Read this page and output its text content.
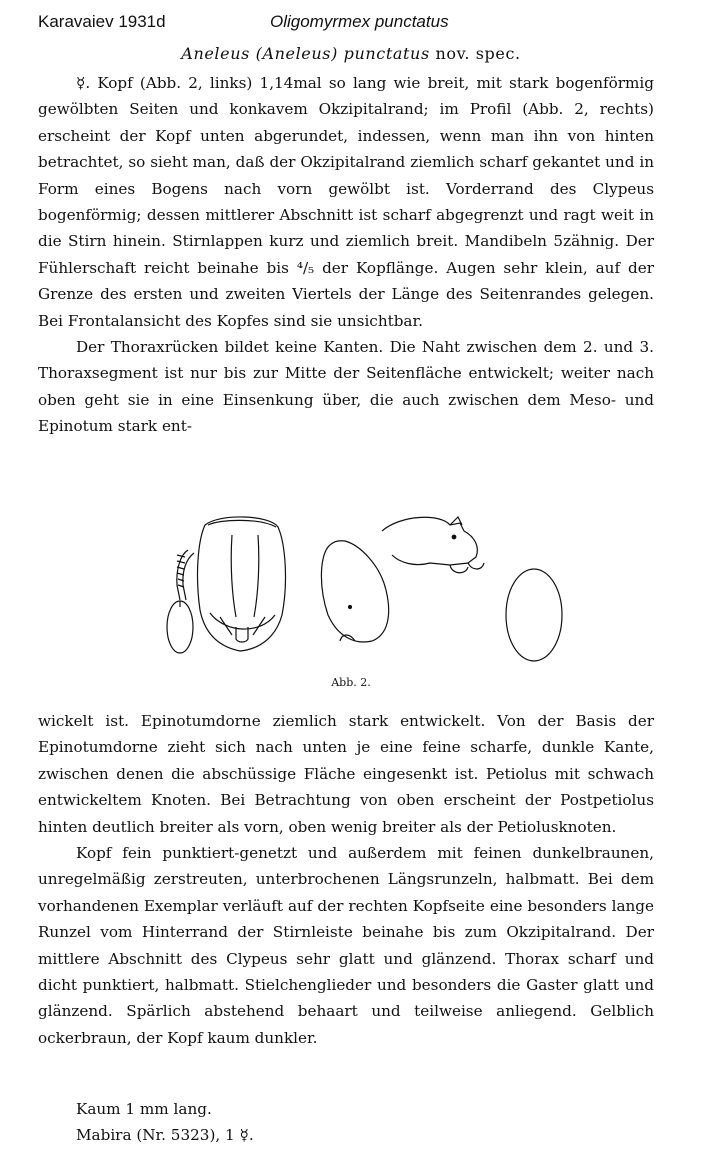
Karavaiev 1931d	Oligomyrmex punctatus
Aneleus (Aneleus) punctatus nov. spec.

☿. Kopf (Abb. 2, links) 1,14mal so lang wie breit, mit stark bogenförmig gewölbten Seiten und konkavem Okzipitalrand; im Profil (Abb. 2, rechts) erscheint der Kopf unten abgerundet, indessen, wenn man ihn von hinten betrachtet, so sieht man, daß der Okzipitalrand ziemlich scharf gekantet und in Form eines Bogens nach vorn gewölbt ist. Vorderrand des Clypeus bogenförmig; dessen mittlerer Abschnitt ist scharf abgegrenzt und ragt weit in die Stirn hinein. Stirnlappen kurz und ziemlich breit. Mandibeln 5zähnig. Der Fühlerschaft reicht beinahe bis ⁴/₅ der Kopflänge. Augen sehr klein, auf der Grenze des ersten und zweiten Viertels der Länge des Seitenrandes gelegen. Bei Frontalansicht des Kopfes sind sie unsichtbar.

Der Thoraxrücken bildet keine Kanten. Die Naht zwischen dem 2. und 3. Thoraxsegment ist nur bis zur Mitte der Seitenfläche entwickelt; weiter nach oben geht sie in eine Einsenkung über, die auch zwischen dem Meso- und Epinotum stark ent-

Abb. 2.

wickelt ist. Epinotumdorne ziemlich stark entwickelt. Von der Basis der Epinotumdorne zieht sich nach unten je eine feine scharfe, dunkle Kante, zwischen denen die abschüssige Fläche eingesenkt ist. Petiolus mit schwach entwickeltem Knoten. Bei Betrachtung von oben erscheint der Postpetiolus hinten deutlich breiter als vorn, oben wenig breiter als der Petiolusknoten.

Kopf fein punktiert-genetzt und außerdem mit feinen dunkelbraunen, unregelmäßig zerstreuten, unterbrochenen Längsrunzeln, halbmatt. Bei dem vorhandenen Exemplar verläuft auf der rechten Kopfseite eine besonders lange Runzel vom Hinterrand der Stirnleiste beinahe bis zum Okzipitalrand. Der mittlere Abschnitt des Clypeus sehr glatt und glänzend. Thorax scharf und dicht punktiert, halbmatt. Stielchenglieder und besonders die Gaster glatt und glänzend. Spärlich abstehend behaart und teilweise anliegend. Gelblich ockerbraun, der Kopf kaum dunkler.

Kaum 1 mm lang.
Mabira (Nr. 5323), 1 ☿.
